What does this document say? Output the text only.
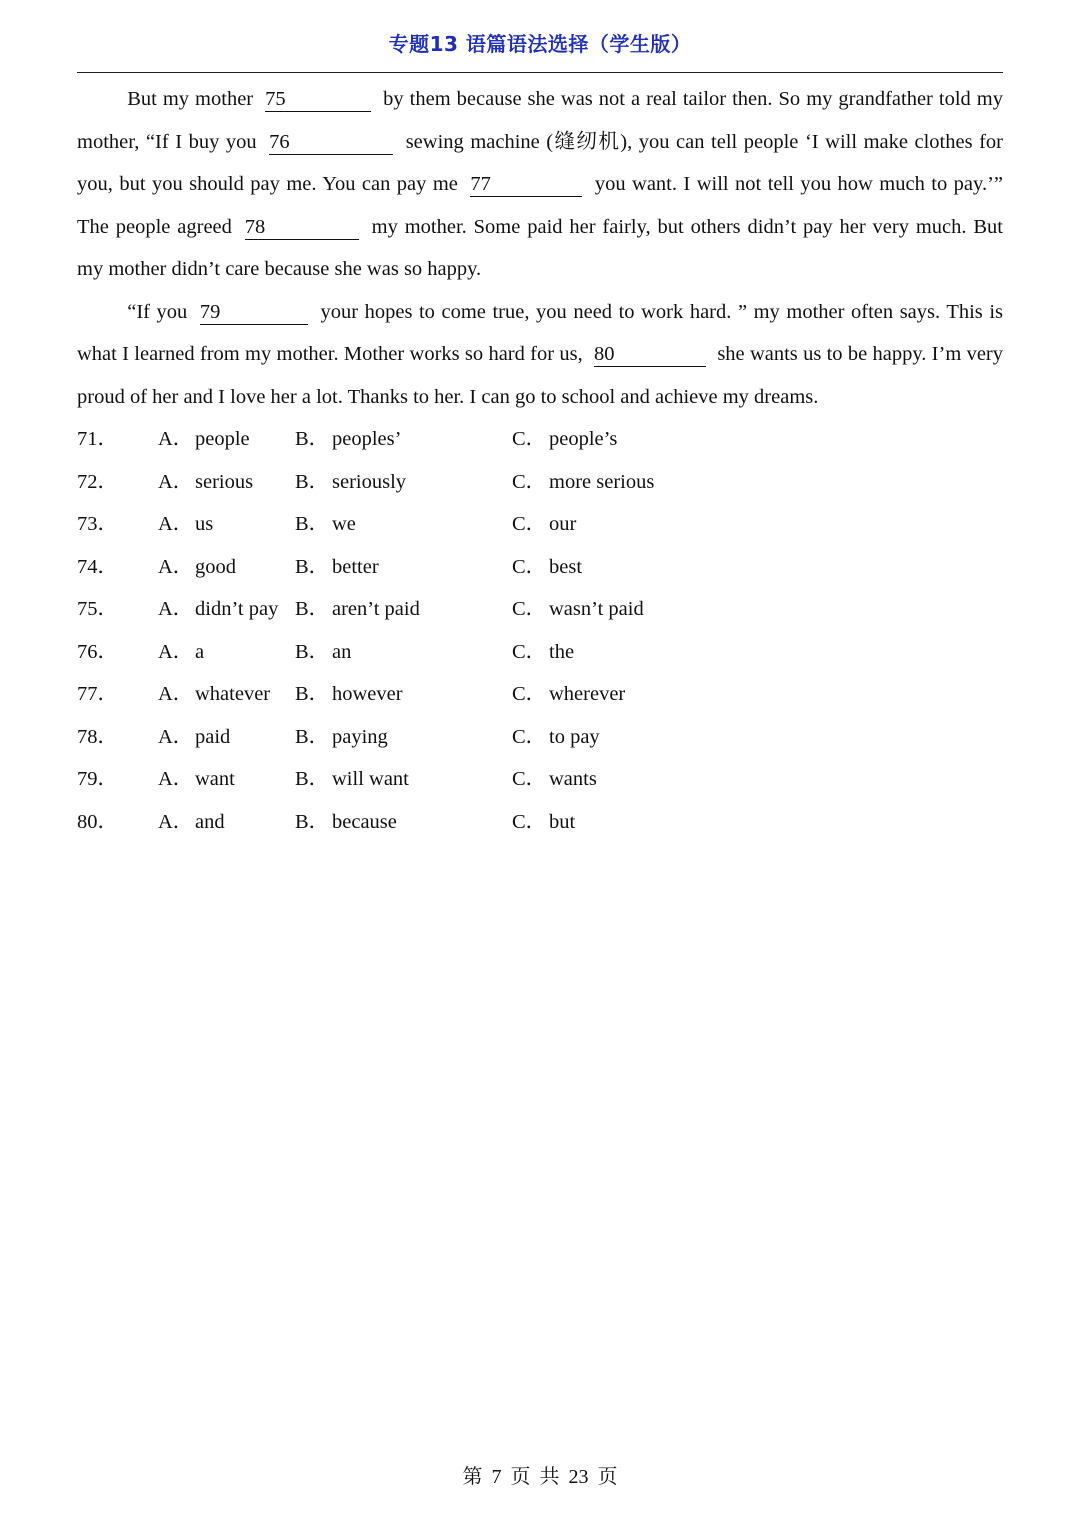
专题13 语篇语法选择（学生版）

But my mother 75	by them because she was not a real tailor then. So my grandfather told my mother, “If I buy you 76	sewing machine (缝纫机), you can tell people ‘I will make clothes for you, but you should pay me. You can pay me 77	you want. I will not tell you how much to pay.’” The people agreed 78	my mother. Some paid her fairly, but others didn’t pay her very much. But my mother didn’t care because she was so happy.

“If you 79	your hopes to come true, you need to work hard. ” my mother often says. This is what I learned from my mother. Mother works so hard for us, 80	she wants us to be happy. I’m very proud of her and I love her a lot. Thanks to her. I can go to school and achieve my dreams.

71．	A．people	B． peoples’	C． people’s
72．	A．serious	B． seriously	C． more serious
73．	A．us	B． we	C． our
74．	A．good	B． better	C． best
75．	A．didn’t pay B． aren’t paid	C． wasn’t paid
76．	A．a	B． an	C． the
77．	A．whatever	B． however	C． wherever
78．	A．paid	B． paying	C． to pay
79．	A．want	B． will want	C． wants
80．	A．and	B． because	C． but
第 7 页 共 23 页
